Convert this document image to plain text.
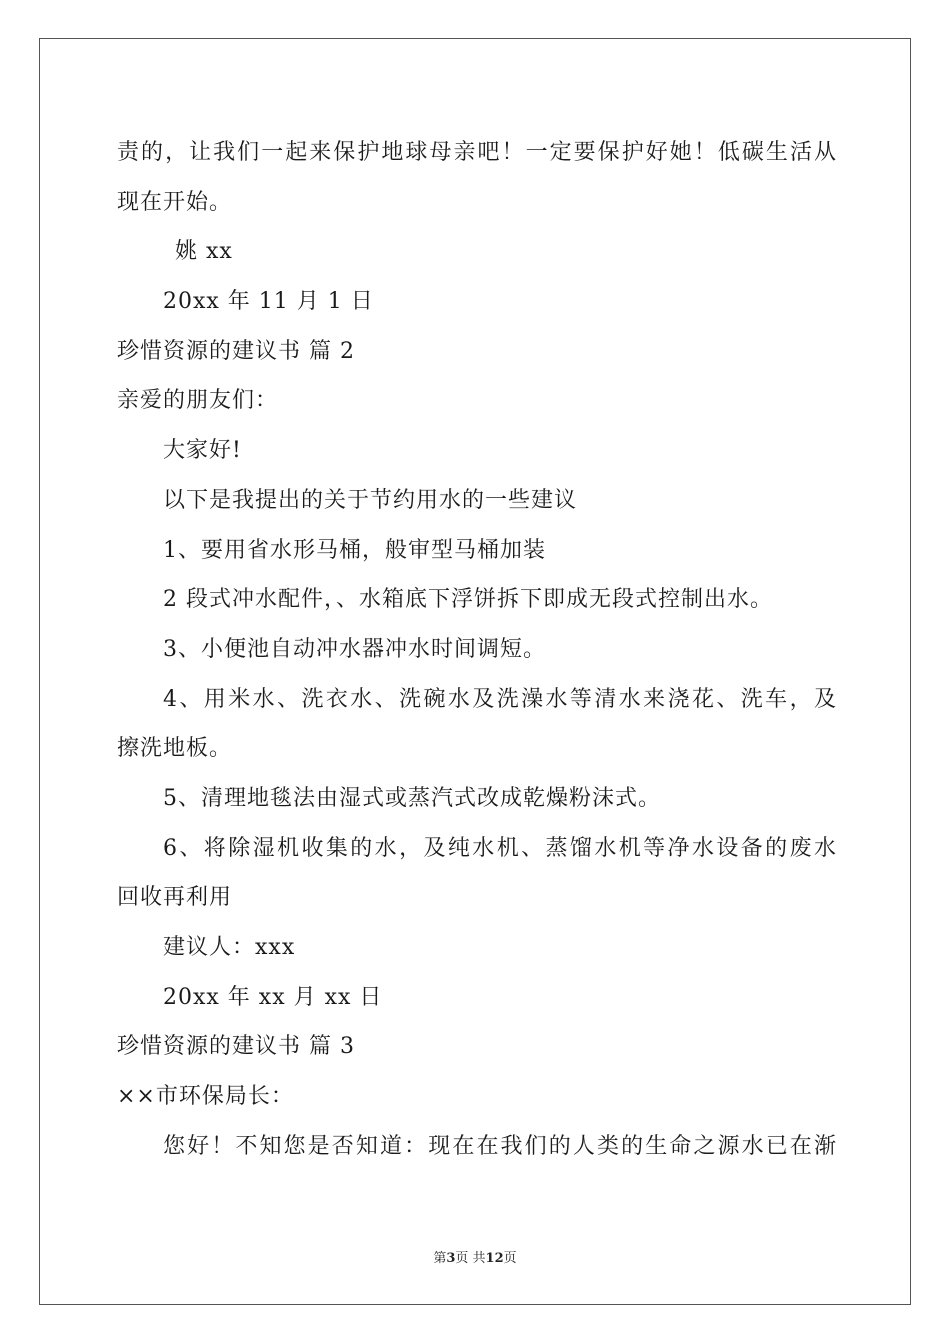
责的，让我们一起来保护地球母亲吧！一定要保护好她！低碳生活从
现在开始。
姚 xx
20xx 年 11 月 1 日
珍惜资源的建议书 篇 2
亲爱的朋友们：
大家好!
以下是我提出的关于节约用水的一些建议
1、要用省水形马桶，般审型马桶加装
2 段式冲水配件，、水箱底下浮饼拆下即成无段式控制出水。
3、小便池自动冲水器冲水时间调短。
4、用米水、洗衣水、洗碗水及洗澡水等清水来浇花、洗车，及
擦洗地板。
5、清理地毯法由湿式或蒸汽式改成乾燥粉沫式。
6、将除湿机收集的水，及纯水机、蒸馏水机等净水设备的废水
回收再利用
建议人：xxx
20xx 年 xx 月 xx 日
珍惜资源的建议书 篇 3
××市环保局长：
您好！不知您是否知道：现在在我们的人类的生命之源水已在渐
第3页 共12页
